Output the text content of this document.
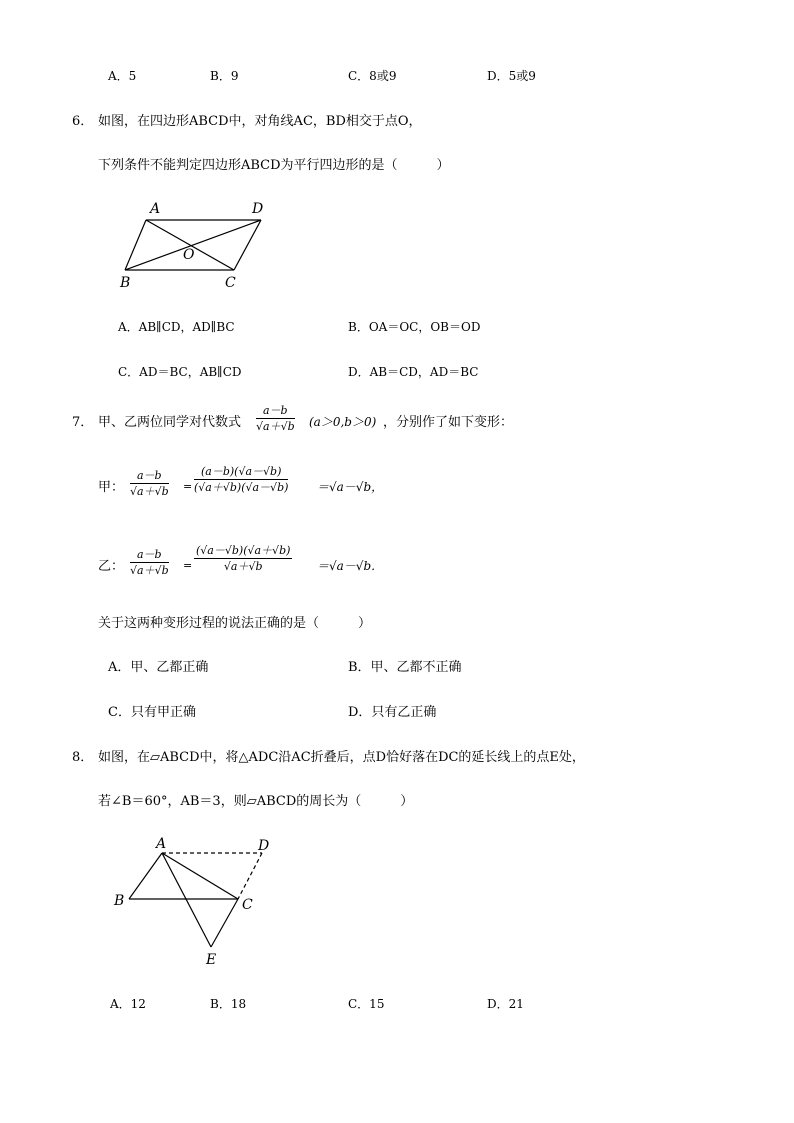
A．5	B．9	C．8或9	D．5或9
6． 如图，在四边形ABCD中，对角线AC，BD相交于点O，
下列条件不能判定四边形ABCD为平行四边形的是（　　　）
A	D
O
B	C
A．AB∥CD，AD∥BC	B．OA＝OC，OB＝OD
C．AD＝BC，AB∥CD	D．AB＝CD，AD＝BC
7． 甲、乙两位同学对代数式 $\frac{a-b}{√a+√b} (a>0,b>0)$ ，分别作了如下变形：
甲： $\frac{a-b}{√a+√b} = \frac{(a-b)(√a-√b)}{(√a+√b)(√a-√b)} =√a-√b$，
乙： $\frac{a-b}{√a+√b} = \frac{(√a-√b)(√a+√b)}{√a+√b} =√a-√b$．
关于这两种变形过程的说法正确的是（　　　）
A．甲、乙都正确	B．甲、乙都不正确
C．只有甲正确	D．只有乙正确
8． 如图，在▱ABCD中，将△ADC沿AC折叠后，点D恰好落在DC的延长线上的点E处，
若∠B＝60°，AB＝3，则▱ABCD的周长为（　　　）
A	D
B	C
E
A．12	B．18	C．15	D．21
